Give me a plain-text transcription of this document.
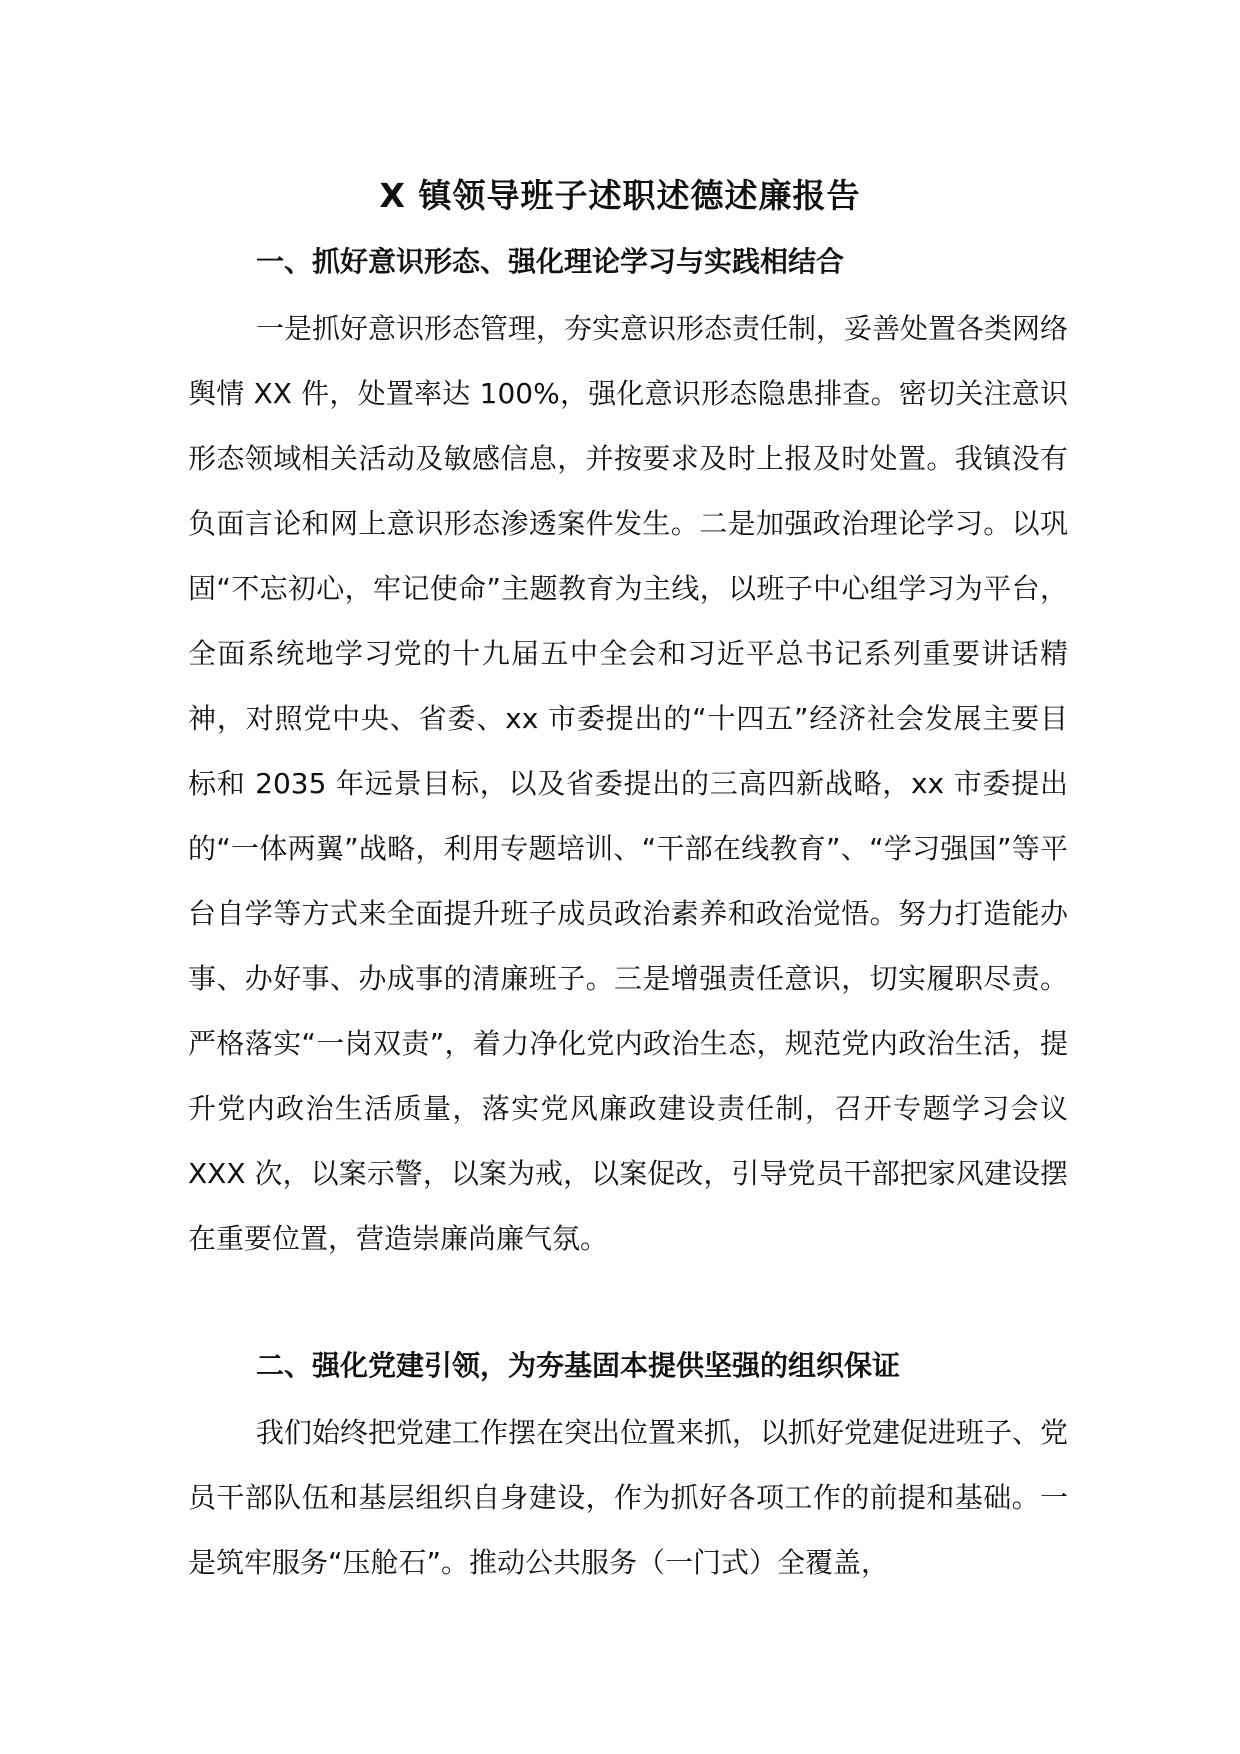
X 镇领导班子述职述德述廉报告

一、抓好意识形态、强化理论学习与实践相结合

一是抓好意识形态管理，夯实意识形态责任制，妥善处置各类网络舆情 XX 件，处置率达 100%，强化意识形态隐患排查。密切关注意识形态领域相关活动及敏感信息，并按要求及时上报及时处置。我镇没有负面言论和网上意识形态渗透案件发生。二是加强政治理论学习。以巩固“不忘初心，牢记使命”主题教育为主线，以班子中心组学习为平台，全面系统地学习党的十九届五中全会和习近平总书记系列重要讲话精神，对照党中央、省委、xx 市委提出的“十四五”经济社会发展主要目标和 2035 年远景目标，以及省委提出的三高四新战略，xx 市委提出的“一体两翼”战略，利用专题培训、“干部在线教育”、“学习强国”等平台自学等方式来全面提升班子成员政治素养和政治觉悟。努力打造能办事、办好事、办成事的清廉班子。三是增强责任意识，切实履职尽责。严格落实“一岗双责”，着力净化党内政治生态，规范党内政治生活，提升党内政治生活质量，落实党风廉政建设责任制，召开专题学习会议 XXX 次，以案示警，以案为戒，以案促改，引导党员干部把家风建设摆在重要位置，营造崇廉尚廉气氛。

二、强化党建引领，为夯基固本提供坚强的组织保证

我们始终把党建工作摆在突出位置来抓，以抓好党建促进班子、党员干部队伍和基层组织自身建设，作为抓好各项工作的前提和基础。一是筑牢服务“压舱石”。推动公共服务（一门式）全覆盖，
